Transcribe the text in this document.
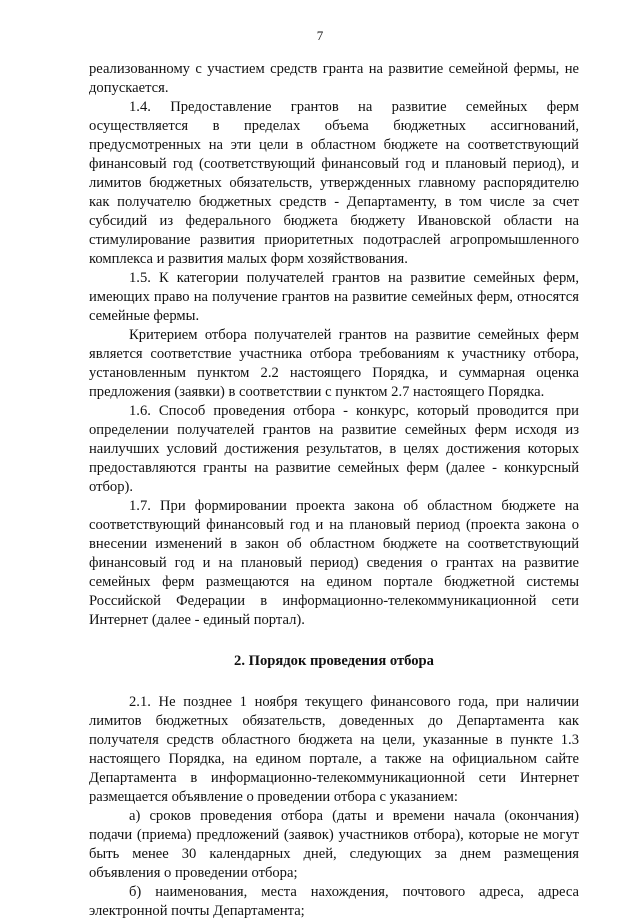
7

реализованному с участием средств гранта на развитие семейной фермы, не допускается.

1.4. Предоставление грантов на развитие семейных ферм осуществляется в пределах объема бюджетных ассигнований, предусмотренных на эти цели в областном бюджете на соответствующий финансовый год (соответствующий финансовый год и плановый период), и лимитов бюджетных обязательств, утвержденных главному распорядителю как получателю бюджетных средств - Департаменту, в том числе за счет субсидий из федерального бюджета бюджету Ивановской области на стимулирование развития приоритетных подотраслей агропромышленного комплекса и развития малых форм хозяйствования.

1.5. К категории получателей грантов на развитие семейных ферм, имеющих право на получение грантов на развитие семейных ферм, относятся семейные фермы.

Критерием отбора получателей грантов на развитие семейных ферм является соответствие участника отбора требованиям к участнику отбора, установленным пунктом 2.2 настоящего Порядка, и суммарная оценка предложения (заявки) в соответствии с пунктом 2.7 настоящего Порядка.

1.6. Способ проведения отбора - конкурс, который проводится при определении получателей грантов на развитие семейных ферм исходя из наилучших условий достижения результатов, в целях достижения которых предоставляются гранты на развитие семейных ферм (далее - конкурсный отбор).

1.7. При формировании проекта закона об областном бюджете на соответствующий финансовый год и на плановый период (проекта закона о внесении изменений в закон об областном бюджете на соответствующий финансовый год и на плановый период) сведения о грантах на развитие семейных ферм размещаются на едином портале бюджетной системы Российской Федерации в информационно-телекоммуникационной сети Интернет (далее - единый портал).

2. Порядок проведения отбора

2.1. Не позднее 1 ноября текущего финансового года, при наличии лимитов бюджетных обязательств, доведенных до Департамента как получателя средств областного бюджета на цели, указанные в пункте 1.3 настоящего Порядка, на едином портале, а также на официальном сайте Департамента в информационно-телекоммуникационной сети Интернет размещается объявление о проведении отбора с указанием:

а) сроков проведения отбора (даты и времени начала (окончания) подачи (приема) предложений (заявок) участников отбора), которые не могут быть менее 30 календарных дней, следующих за днем размещения объявления о проведении отбора;

б) наименования, места нахождения, почтового адреса, адреса электронной почты Департамента;
